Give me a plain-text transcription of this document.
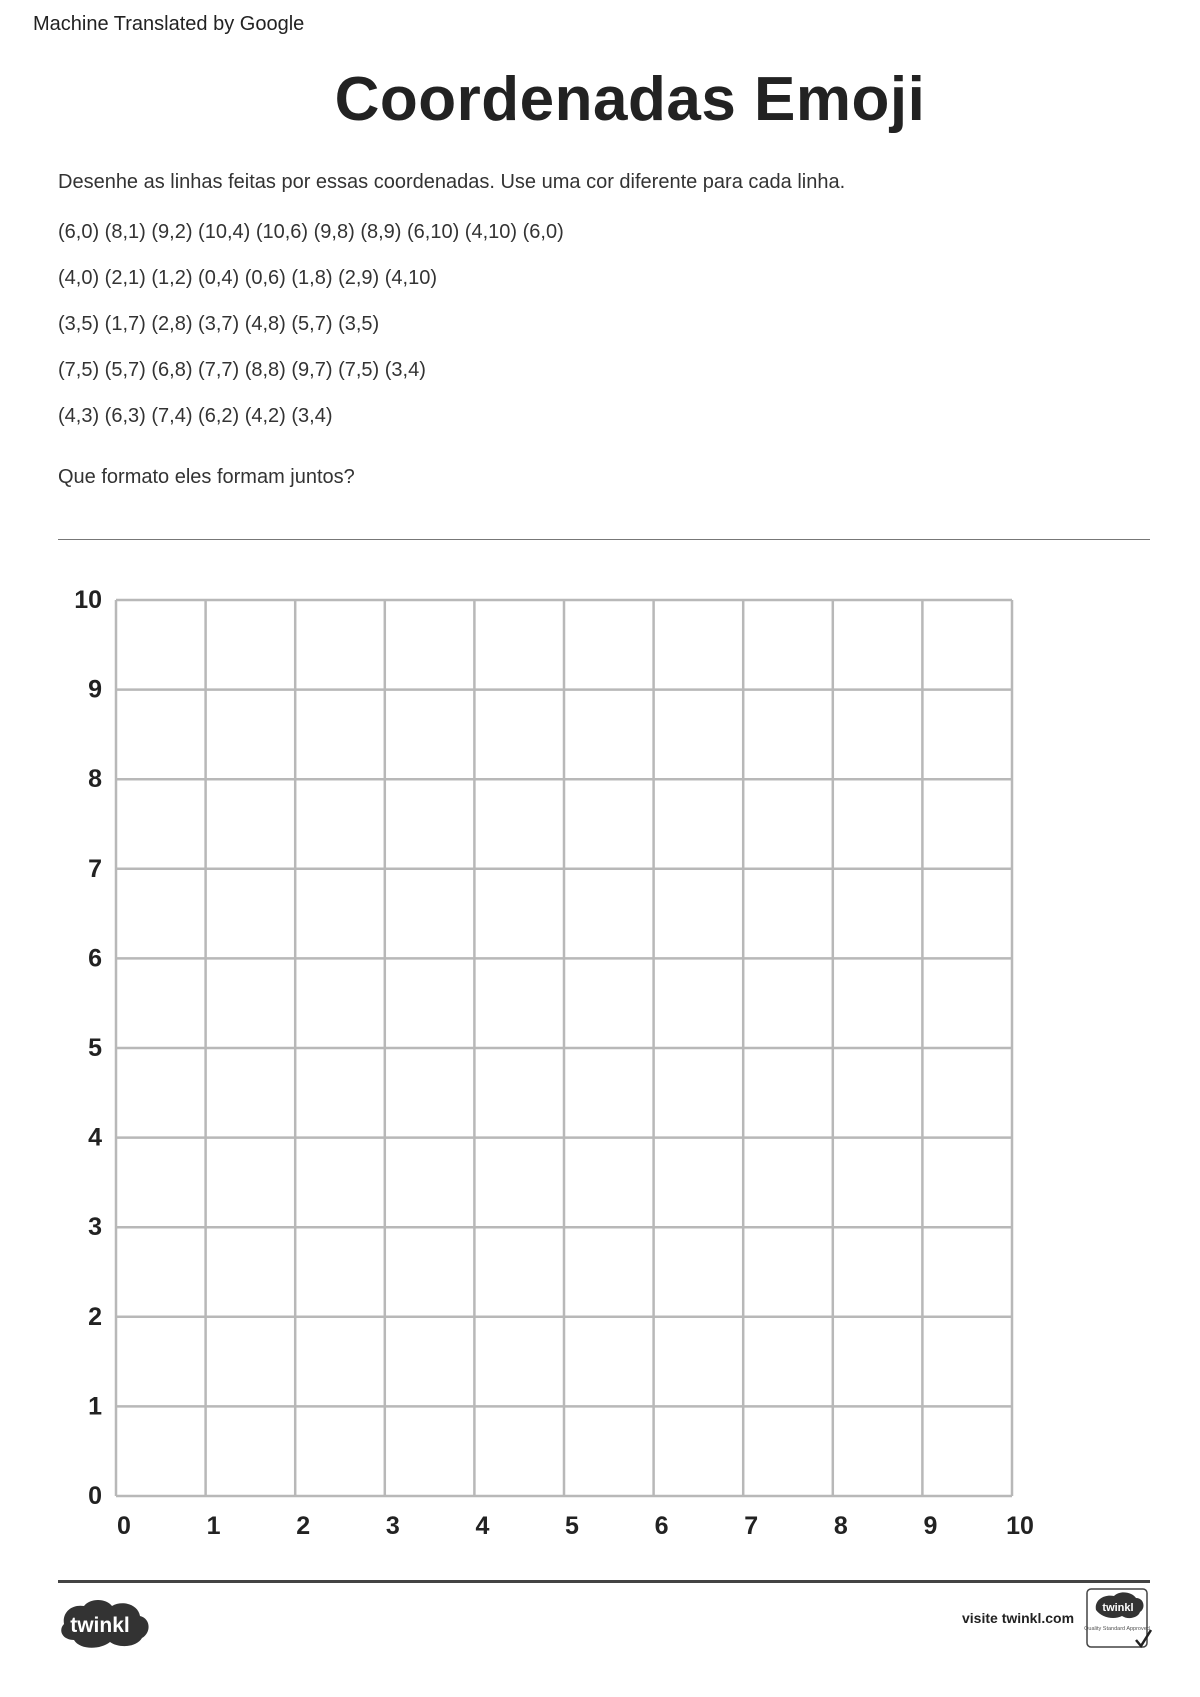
Machine Translated by Google
Coordenadas Emoji
Desenhe as linhas feitas por essas coordenadas. Use uma cor diferente para cada linha.
(6,0) (8,1) (9,2) (10,4) (10,6) (9,8) (8,9) (6,10) (4,10) (6,0)
(4,0) (2,1) (1,2) (0,4) (0,6) (1,8) (2,9) (4,10)
(3,5) (1,7) (2,8) (3,7) (4,8) (5,7) (3,5)
(7,5) (5,7) (6,8) (7,7) (8,8) (9,7) (7,5) (3,4)
(4,3) (6,3) (7,4) (6,2) (4,2) (3,4)
Que formato eles formam juntos?
0	1	2	3	4	5	6	7	8	9	10
0
1
2
3
4
5
6
7
8
9
10
twinkl	visite twinkl.com
twinkl
Quality Standard Approved
